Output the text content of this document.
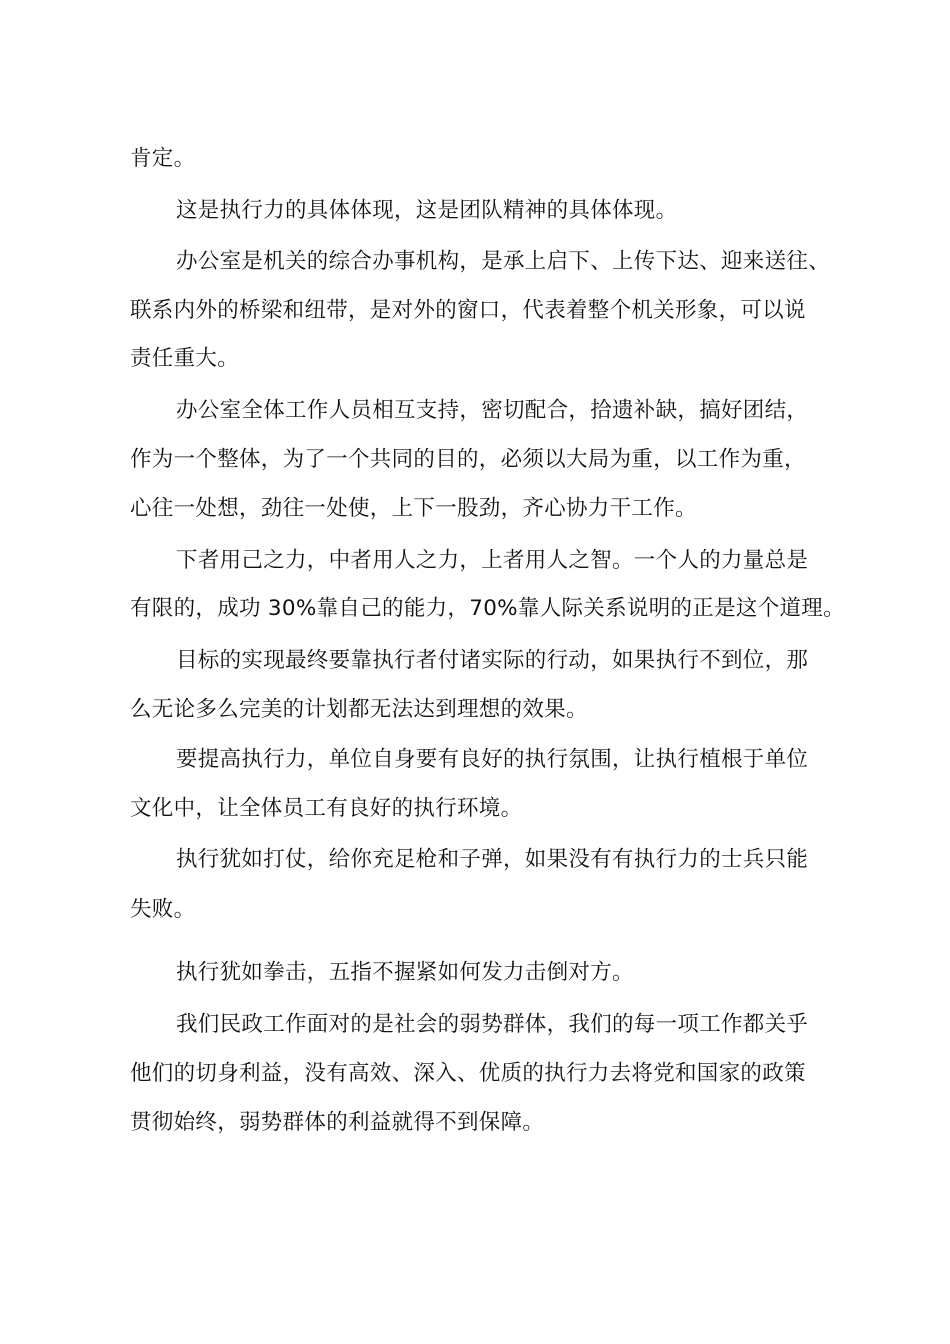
肯定。
这是执行力的具体体现，这是团队精神的具体体现。
办公室是机关的综合办事机构，是承上启下、上传下达、迎来送往、
联系内外的桥梁和纽带，是对外的窗口，代表着整个机关形象，可以说
责任重大。
办公室全体工作人员相互支持，密切配合，拾遗补缺，搞好团结，
作为一个整体，为了一个共同的目的，必须以大局为重，以工作为重，
心往一处想，劲往一处使，上下一股劲，齐心协力干工作。
下者用己之力，中者用人之力，上者用人之智。一个人的力量总是
有限的，成功 30%靠自己的能力，70%靠人际关系说明的正是这个道理。
目标的实现最终要靠执行者付诸实际的行动，如果执行不到位，那
么无论多么完美的计划都无法达到理想的效果。
要提高执行力，单位自身要有良好的执行氛围，让执行植根于单位
文化中，让全体员工有良好的执行环境。
执行犹如打仗，给你充足枪和子弹，如果没有有执行力的士兵只能
失败。
执行犹如拳击，五指不握紧如何发力击倒对方。
我们民政工作面对的是社会的弱势群体，我们的每一项工作都关乎
他们的切身利益，没有高效、深入、优质的执行力去将党和国家的政策
贯彻始终，弱势群体的利益就得不到保障。
